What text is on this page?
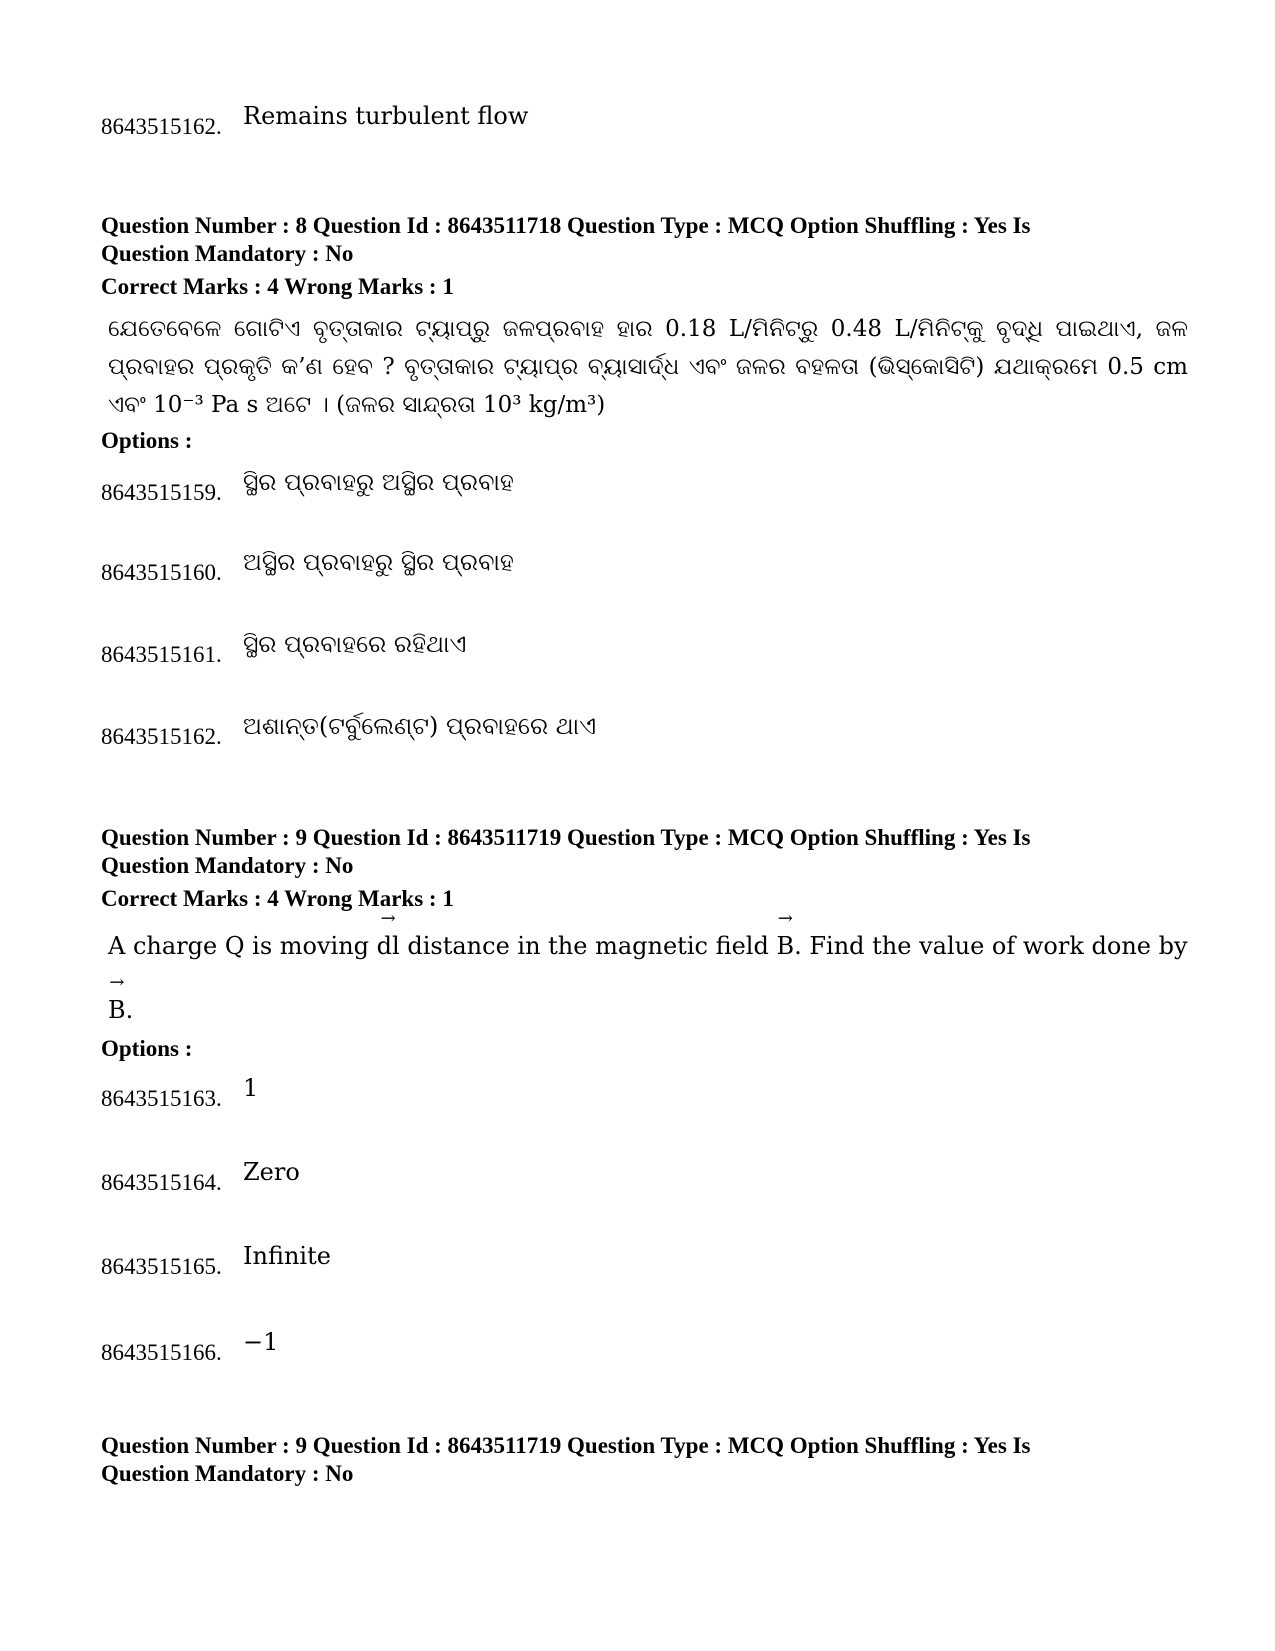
8643515162. Remains turbulent flow
Question Number : 8 Question Id : 8643511718 Question Type : MCQ Option Shuffling : Yes Is
Question Mandatory : No
Correct Marks : 4 Wrong Marks : 1
ଯେତେବେଳେ ଗୋଟିଏ ବୃତ୍ତାକାର ଟ୍ୟାପ୍‌ରୁ ଜଳପ୍ରବାହ ହାର 0.18 L/ମିନିଟ୍‌ରୁ 0.48 L/ମିନିଟ୍‌କୁ ବୃଦ୍ଧି ପାଇଥାଏ, ଜଳ ପ୍ରବାହର ପ୍ରକୃତି କ’ଣ ହେବ ? ବୃତ୍ତାକାର ଟ୍ୟାପ୍‌ର ବ୍ୟାସାର୍ଦ୍ଧ ଏବଂ ଜଳର ବହଳତା (ଭିସ୍‌କୋସିଟି) ଯଥାକ୍ରମେ 0.5 cm ଏବଂ 10⁻³ Pa s ଅଟେ । (ଜଳର ସାନ୍ଦ୍ରତା 10³ kg/m³)
Options :
8643515159. ସ୍ଥିର ପ୍ରବାହରୁ ଅସ୍ଥିର ପ୍ରବାହ
8643515160. ଅସ୍ଥିର ପ୍ରବାହରୁ ସ୍ଥିର ପ୍ରବାହ
8643515161. ସ୍ଥିର ପ୍ରବାହରେ ରହିଥାଏ
8643515162. ଅଶାନ୍ତ(ଟର୍ବୁଲେଣ୍ଟ) ପ୍ରବାହରେ ଥାଏ
Question Number : 9 Question Id : 8643511719 Question Type : MCQ Option Shuffling : Yes Is
Question Mandatory : No
Correct Marks : 4 Wrong Marks : 1
A charge Q is moving
→
dl distance in the magnetic field
→
B. Find the value of work done by
→
B.
Options :
8643515163. 1
8643515164. Zero
8643515165. Infinite
8643515166. −1
Question Number : 9 Question Id : 8643511719 Question Type : MCQ Option Shuffling : Yes Is
Question Mandatory : No
